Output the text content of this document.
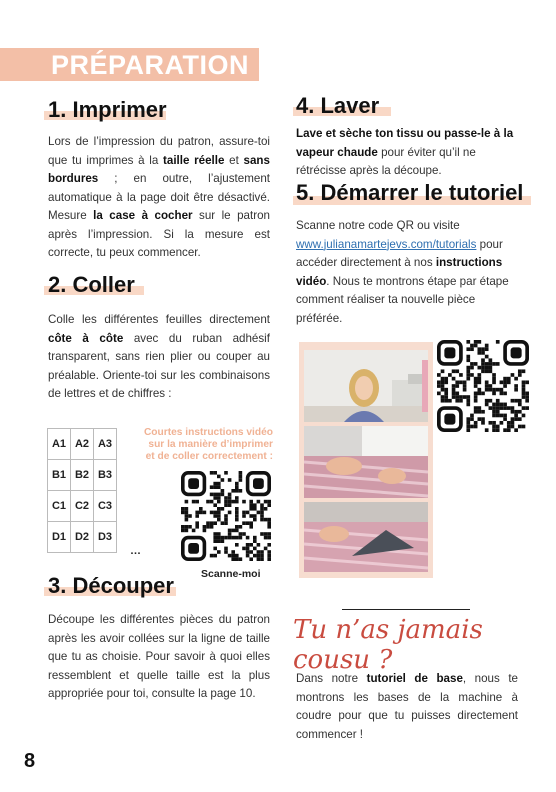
PRÉPARATION
1. Imprimer
Lors de l’impression du patron, assure-toi que tu imprimes à la taille réelle et sans bordures ; en outre, l’ajustement automatique à la page doit être désactivé. Mesure la case à cocher sur le patron après l’impression. Si la mesure est correcte, tu peux commencer.
2. Coller
Colle les différentes feuilles directement côte à côte avec du ruban adhésif transparent, sans rien plier ou couper au préalable. Oriente-toi sur les combinaisons de lettres et de chiffres :
A1	A2	A3
B1	B2	B3
C1	C2	C3
D1	D2	D3
…
Courtes instructions vidéo
sur la manière d’imprimer
et de coller correctement :
Scanne-moi
3. Découper
Découpe les différentes pièces du patron après les avoir collées sur la ligne de taille que tu as choisie. Pour savoir à quoi elles ressemblent et quelle taille est la plus appropriée pour toi, consulte la page 10.
4. Laver
Lave et sèche ton tissu ou passe-le à la vapeur chaude pour éviter qu’il ne rétrécisse après la découpe.
5. Démarrer le tutoriel
Scanne notre code QR ou visite www.julianamartejevs.com/tutorials pour accéder directement à nos instructions vidéo. Nous te montrons étape par étape comment réaliser ta nouvelle pièce préférée.
Tu n’as jamais cousu ?
Dans notre tutoriel de base, nous te montrons les bases de la machine à coudre pour que tu puisses directement commencer !
8
